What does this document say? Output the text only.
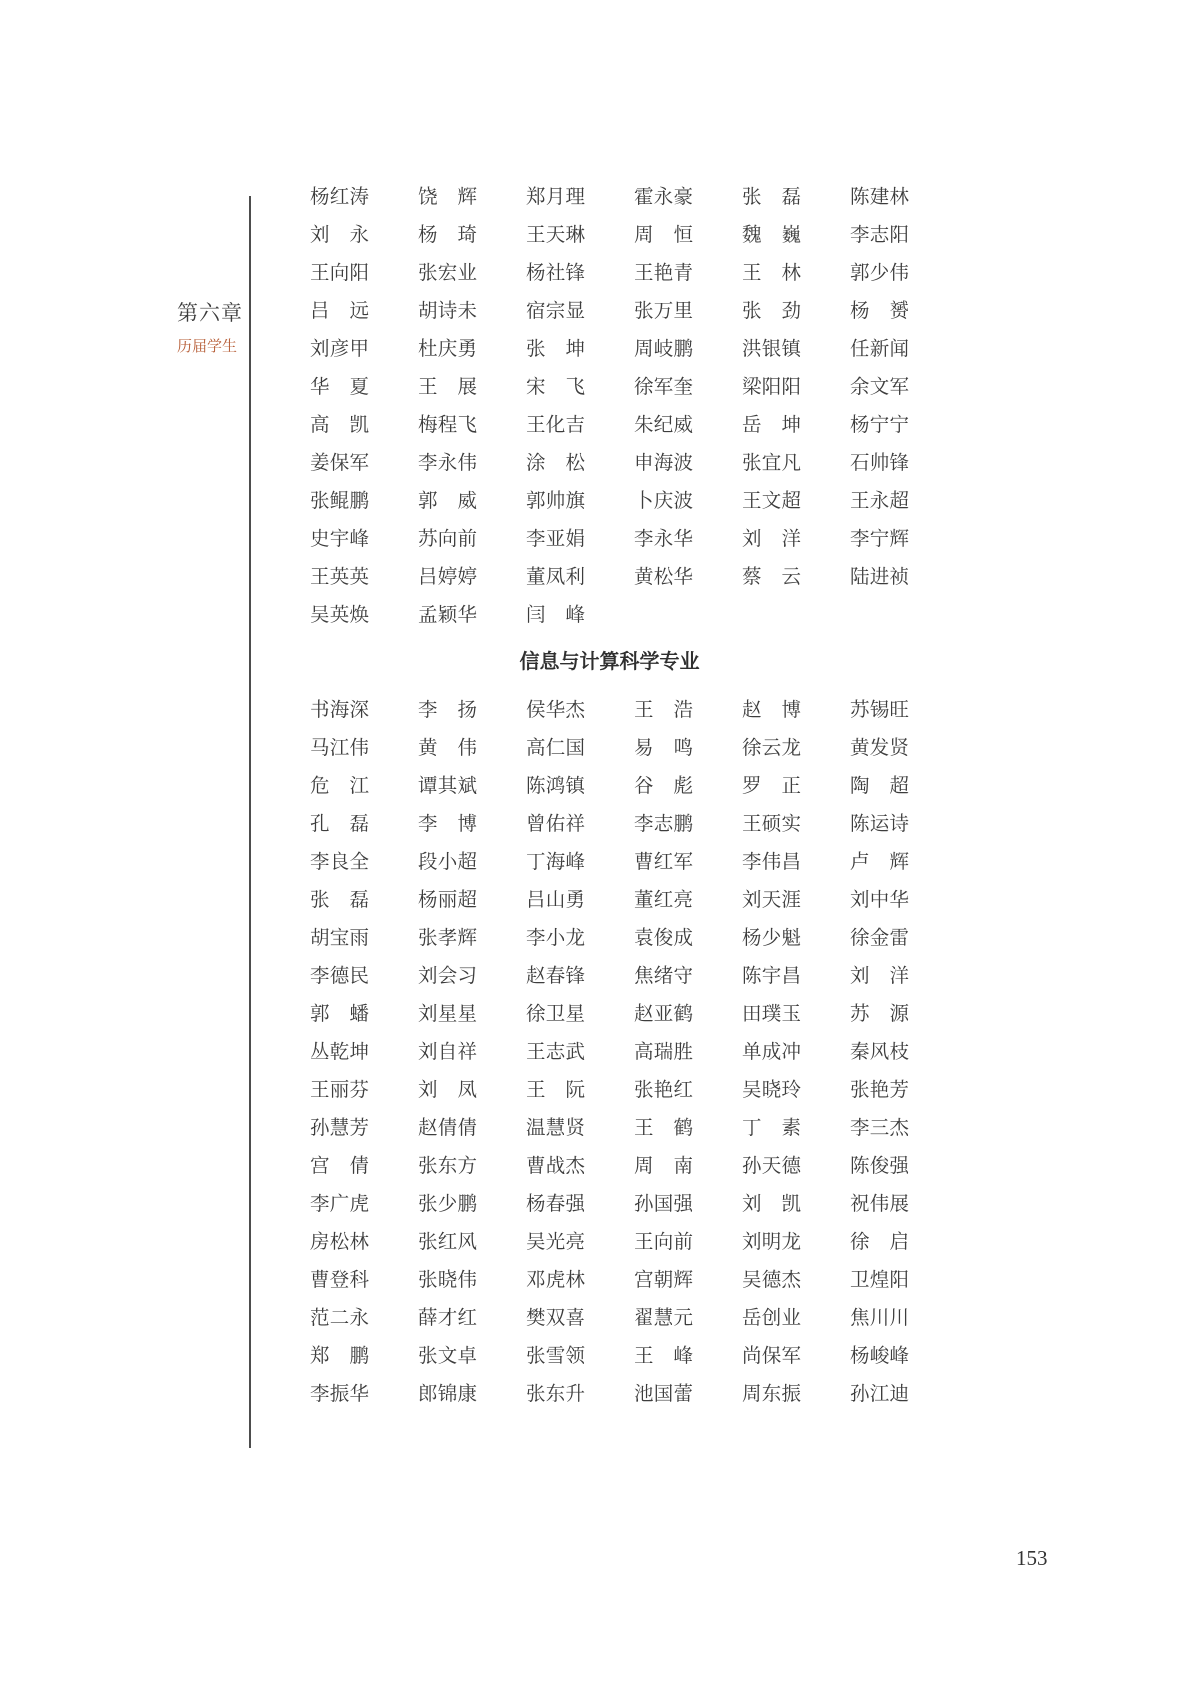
第六章
历届学生
杨红涛	饶辉	郑月理	霍永豪	张磊	陈建林
刘永	杨琦	王天琳	周恒	魏巍	李志阳
王向阳	张宏业	杨社锋	王艳青	王林	郭少伟
吕远	胡诗未	宿宗显	张万里	张劲	杨赟
刘彦甲	杜庆勇	张坤	周岐鹏	洪银镇	任新闻
华夏	王展	宋飞	徐军奎	梁阳阳	余文军
高凯	梅程飞	王化吉	朱纪威	岳坤	杨宁宁
姜保军	李永伟	涂松	申海波	张宜凡	石帅锋
张鲲鹏	郭威	郭帅旗	卜庆波	王文超	王永超
史宇峰	苏向前	李亚娟	李永华	刘洋	李宁辉
王英英	吕婷婷	董凤利	黄松华	蔡云	陆进祯
吴英焕	孟颖华	闫峰
信息与计算科学专业
书海深	李扬	侯华杰	王浩	赵博	苏锡旺
马江伟	黄伟	高仁国	易鸣	徐云龙	黄发贤
危江	谭其斌	陈鸿镇	谷彪	罗正	陶超
孔磊	李博	曾佑祥	李志鹏	王硕实	陈运诗
李良全	段小超	丁海峰	曹红军	李伟昌	卢辉
张磊	杨丽超	吕山勇	董红亮	刘天涯	刘中华
胡宝雨	张孝辉	李小龙	袁俊成	杨少魁	徐金雷
李德民	刘会习	赵春锋	焦绪守	陈宇昌	刘洋
郭蟠	刘星星	徐卫星	赵亚鹤	田璞玉	苏源
丛乾坤	刘自祥	王志武	高瑞胜	单成冲	秦风枝
王丽芬	刘凤	王阮	张艳红	吴晓玲	张艳芳
孙慧芳	赵倩倩	温慧贤	王鹤	丁素	李三杰
宫倩	张东方	曹战杰	周南	孙天德	陈俊强
李广虎	张少鹏	杨春强	孙国强	刘凯	祝伟展
房松林	张红风	吴光亮	王向前	刘明龙	徐启
曹登科	张晓伟	邓虎林	宫朝辉	吴德杰	卫煌阳
范二永	薛才红	樊双喜	翟慧元	岳创业	焦川川
郑鹏	张文卓	张雪领	王峰	尚保军	杨峻峰
李振华	郎锦康	张东升	池国蕾	周东振	孙江迪
153
